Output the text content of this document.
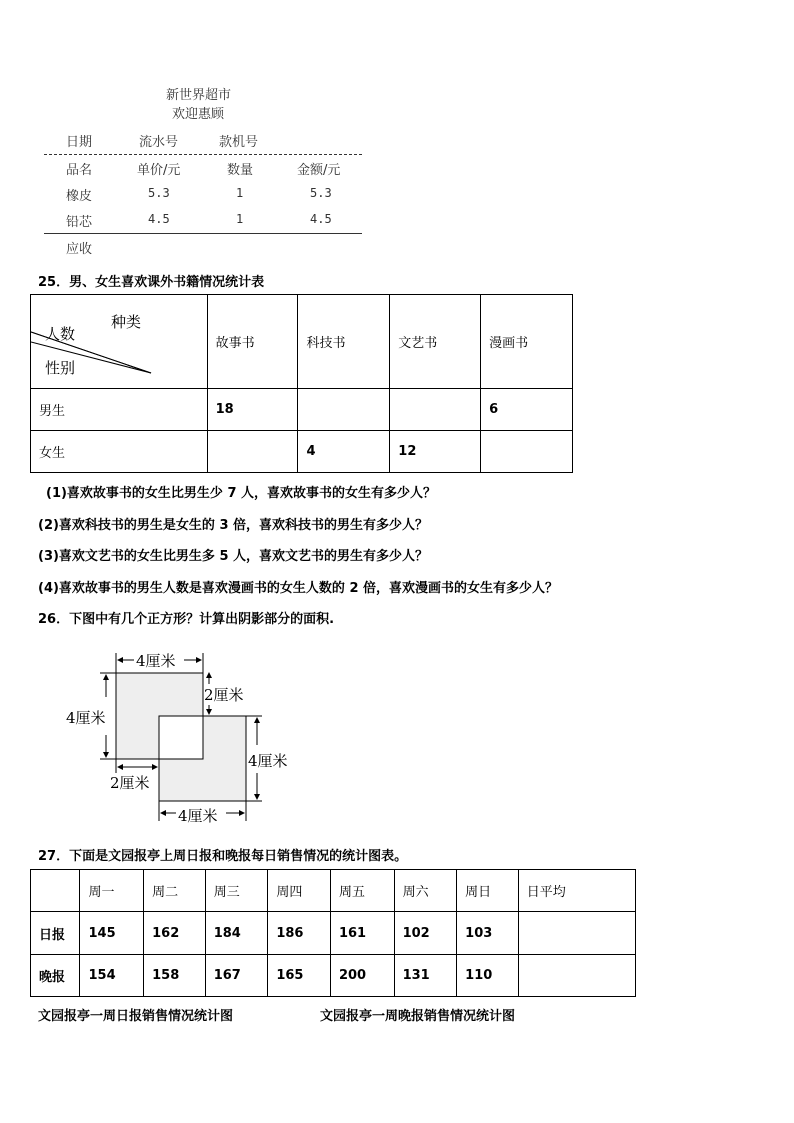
新世界超市
欢迎惠顾
日期	流水号	款机号
品名	单价/元	数量	金额/元
橡皮	5.3	1	5.3
铅芯	4.5	1	4.5
应收
25．男、女生喜欢课外书籍情况统计表
种类
人数
性别	故事书	科技书	文艺书	漫画书
男生	18			6
女生		4	12	
(1)喜欢故事书的女生比男生少 7 人，喜欢故事书的女生有多少人？
(2)喜欢科技书的男生是女生的 3 倍，喜欢科技书的男生有多少人？
(3)喜欢文艺书的女生比男生多 5 人，喜欢文艺书的男生有多少人？
(4)喜欢故事书的男生人数是喜欢漫画书的女生人数的 2 倍，喜欢漫画书的女生有多少人？
26．下图中有几个正方形？计算出阴影部分的面积.
4厘米
2厘米
4厘米
4厘米
2厘米
4厘米
27．下面是文园报亭上周日报和晚报每日销售情况的统计图表。
	周一	周二	周三	周四	周五	周六	周日	日平均
日报	145	162	184	186	161	102	103	
晚报	154	158	167	165	200	131	110	
文园报亭一周日报销售情况统计图	文园报亭一周晚报销售情况统计图
